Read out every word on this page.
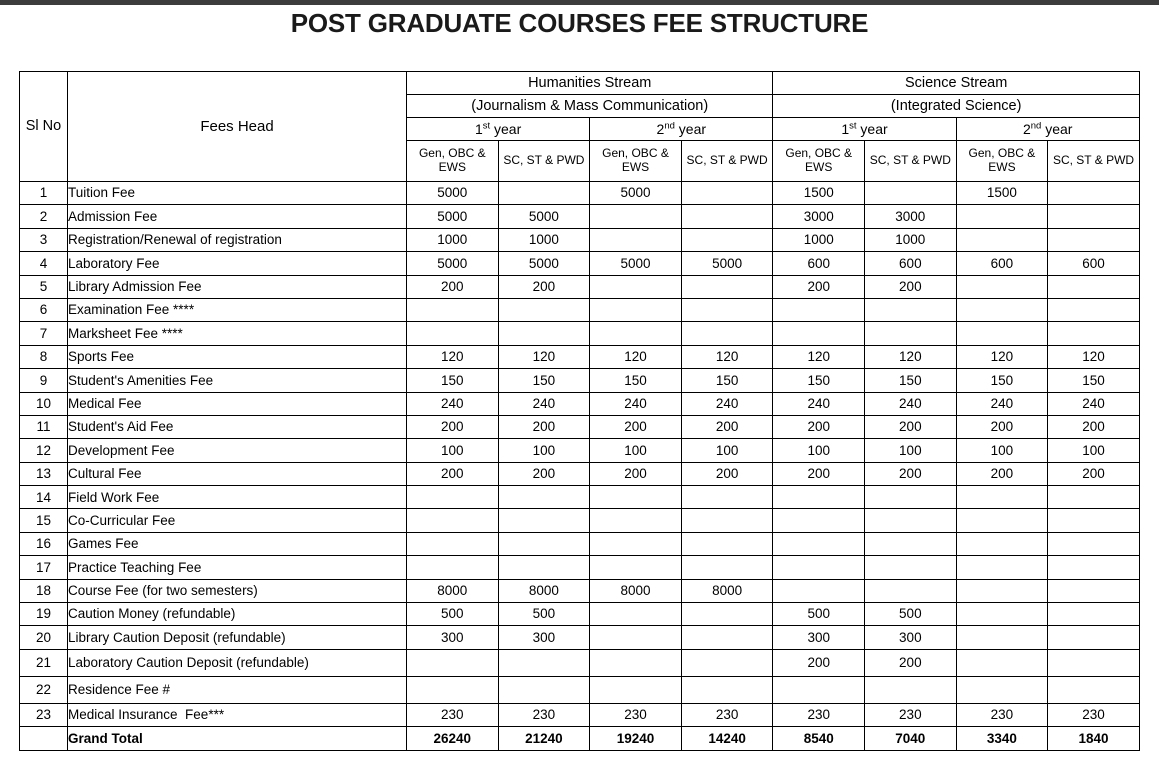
POST GRADUATE COURSES FEE STRUCTURE
Sl No	Fees Head	Humanities Stream				Science Stream			
		(Journalism & Mass Communication)				(Integrated Science)			
		1st year		2nd year		1st year		2nd year	
		Gen, OBC & EWS	SC, ST & PWD	Gen, OBC & EWS	SC, ST & PWD	Gen, OBC & EWS	SC, ST & PWD	Gen, OBC & EWS	SC, ST & PWD
1	Tuition Fee	5000		5000		1500		1500	
2	Admission Fee	5000	5000			3000	3000		
3	Registration/Renewal of registration	1000	1000			1000	1000		
4	Laboratory Fee	5000	5000	5000	5000	600	600	600	600
5	Library Admission Fee	200	200			200	200		
6	Examination Fee ****								
7	Marksheet Fee ****								
8	Sports Fee	120	120	120	120	120	120	120	120
9	Student's Amenities Fee	150	150	150	150	150	150	150	150
10	Medical Fee	240	240	240	240	240	240	240	240
11	Student's Aid Fee	200	200	200	200	200	200	200	200
12	Development Fee	100	100	100	100	100	100	100	100
13	Cultural Fee	200	200	200	200	200	200	200	200
14	Field Work Fee								
15	Co-Curricular Fee								
16	Games Fee								
17	Practice Teaching Fee								
18	Course Fee (for two semesters)	8000	8000	8000	8000				
19	Caution Money (refundable)	500	500			500	500		
20	Library Caution Deposit (refundable)	300	300			300	300		
21	Laboratory Caution Deposit (refundable)					200	200		
22	Residence Fee #								
23	Medical Insurance  Fee***	230	230	230	230	230	230	230	230
	Grand Total	26240	21240	19240	14240	8540	7040	3340	1840
